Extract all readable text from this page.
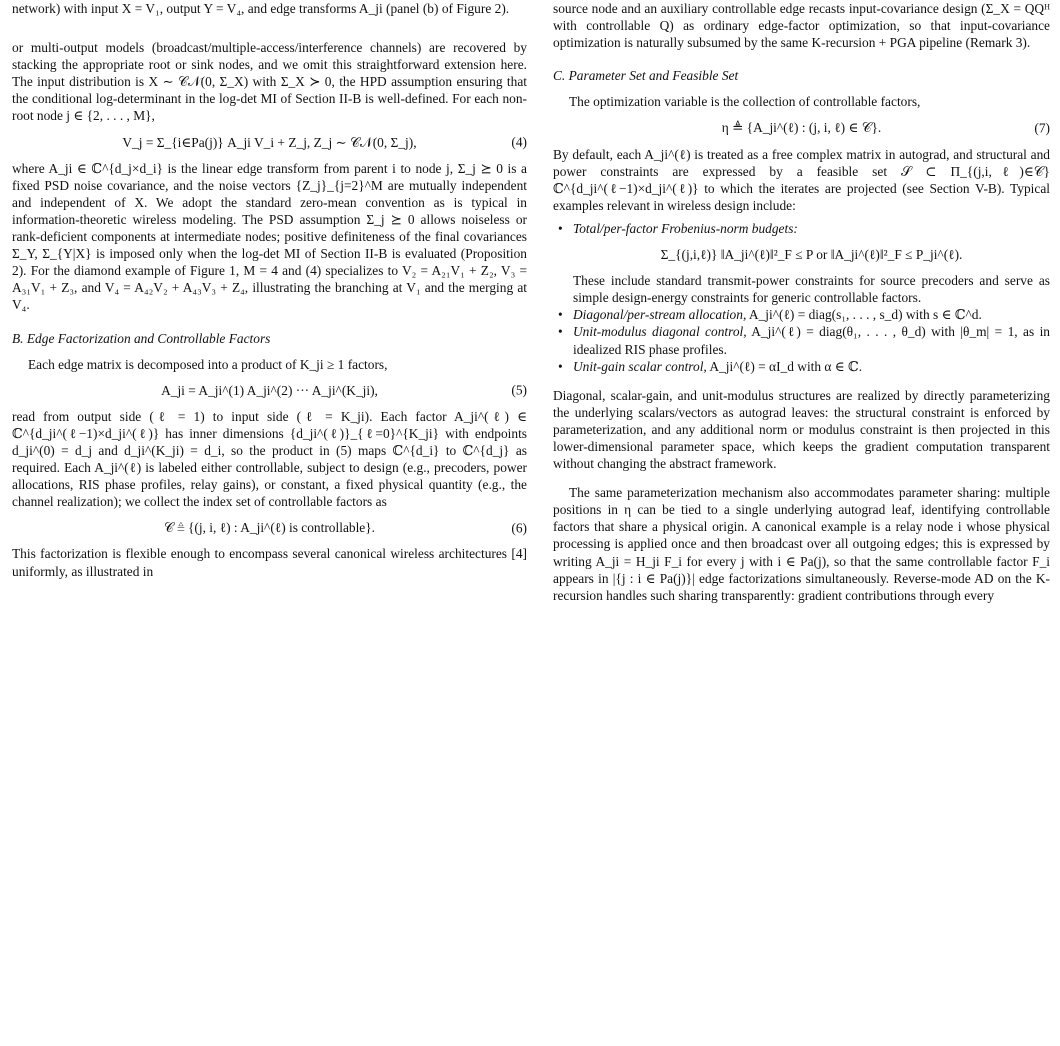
network) with input X = V₁, output Y = V₄, and edge transforms A_ji (panel (b) of Figure 2).

or multi-output models (broadcast/multiple-access/interference channels) are recovered by stacking the appropriate root or sink nodes, and we omit this straightforward extension here. The input distribution is X ∼ 𝒞𝒩(0, Σ_X) with Σ_X ≻ 0, the HPD assumption ensuring that the conditional log-determinant in the log-det MI of Section II-B is well-defined. For each non-root node j ∈ {2, . . . , M},

V_j = Σ_{i∈Pa(j)} A_ji V_i + Z_j, Z_j ∼ 𝒞𝒩(0, Σ_j),	(4)

where A_ji ∈ ℂ^{d_j×d_i} is the linear edge transform from parent i to node j, Σ_j ⪰ 0 is a fixed PSD noise covariance, and the noise vectors {Z_j}_{j=2}^M are mutually independent and independent of X. We adopt the standard zero-mean convention as is typical in information-theoretic wireless modeling. The PSD assumption Σ_j ⪰ 0 allows noiseless or rank-deficient components at intermediate nodes; positive definiteness of the final covariances Σ_Y, Σ_{Y|X} is imposed only when the log-det MI of Section II-B is evaluated (Proposition 2). For the diamond example of Figure 1, M = 4 and (4) specializes to V₂ = A₂₁V₁ + Z₂, V₃ = A₃₁V₁ + Z₃, and V₄ = A₄₂V₂ + A₄₃V₃ + Z₄, illustrating the branching at V₁ and the merging at V₄.

B. Edge Factorization and Controllable Factors

Each edge matrix is decomposed into a product of K_ji ≥ 1 factors,

A_ji = A_ji^(1) A_ji^(2) ··· A_ji^(K_ji),	(5)

read from output side (ℓ = 1) to input side (ℓ = K_ji). Each factor A_ji^(ℓ) ∈ ℂ^{d_ji^(ℓ−1)×d_ji^(ℓ)} has inner dimensions {d_ji^(ℓ)}_{ℓ=0}^{K_ji} with endpoints d_ji^(0) = d_j and d_ji^(K_ji) = d_i, so the product in (5) maps ℂ^{d_i} to ℂ^{d_j} as required. Each A_ji^(ℓ) is labeled either controllable, subject to design (e.g., precoders, power allocations, RIS phase profiles, relay gains), or constant, a fixed physical quantity (e.g., the channel realization); we collect the index set of controllable factors as

𝒞 ≜ {(j, i, ℓ) : A_ji^(ℓ) is controllable}.	(6)

This factorization is flexible enough to encompass several canonical wireless architectures [4] uniformly, as illustrated in

source node and an auxiliary controllable edge recasts input-covariance design (Σ_X = QQᴴ with controllable Q) as ordinary edge-factor optimization, so that input-covariance optimization is naturally subsumed by the same K-recursion + PGA pipeline (Remark 3).

C. Parameter Set and Feasible Set

The optimization variable is the collection of controllable factors,

η ≜ {A_ji^(ℓ) : (j, i, ℓ) ∈ 𝒞}.	(7)

By default, each A_ji^(ℓ) is treated as a free complex matrix in autograd, and structural and power constraints are expressed by a feasible set 𝒮 ⊂ Π_{(j,i,ℓ)∈𝒞} ℂ^{d_ji^(ℓ−1)×d_ji^(ℓ)} to which the iterates are projected (see Section V-B). Typical examples relevant in wireless design include:

• Total/per-factor Frobenius-norm budgets:
Σ_{(j,i,ℓ)} ‖A_ji^(ℓ)‖²_F ≤ P or ‖A_ji^(ℓ)‖²_F ≤ P_ji^(ℓ).
These include standard transmit-power constraints for source precoders and serve as simple design-energy constraints for generic controllable factors.
• Diagonal/per-stream allocation, A_ji^(ℓ) = diag(s₁, . . . , s_d) with s ∈ ℂ^d.
• Unit-modulus diagonal control, A_ji^(ℓ) = diag(θ₁, . . . , θ_d) with |θ_m| = 1, as in idealized RIS phase profiles.
• Unit-gain scalar control, A_ji^(ℓ) = αI_d with α ∈ ℂ.

Diagonal, scalar-gain, and unit-modulus structures are realized by directly parameterizing the underlying scalars/vectors as autograd leaves: the structural constraint is enforced by parameterization, and any additional norm or modulus constraint is then projected in this lower-dimensional parameter space, which keeps the gradient computation transparent without changing the abstract framework.

The same parameterization mechanism also accommodates parameter sharing: multiple positions in η can be tied to a single underlying autograd leaf, identifying controllable factors that share a physical origin. A canonical example is a relay node i whose physical processing is applied once and then broadcast over all outgoing edges; this is expressed by writing A_ji = H_ji F_i for every j with i ∈ Pa(j), so that the same controllable factor F_i appears in |{j : i ∈ Pa(j)}| edge factorizations simultaneously. Reverse-mode AD on the K-recursion handles such sharing transparently: gradient contributions through every
